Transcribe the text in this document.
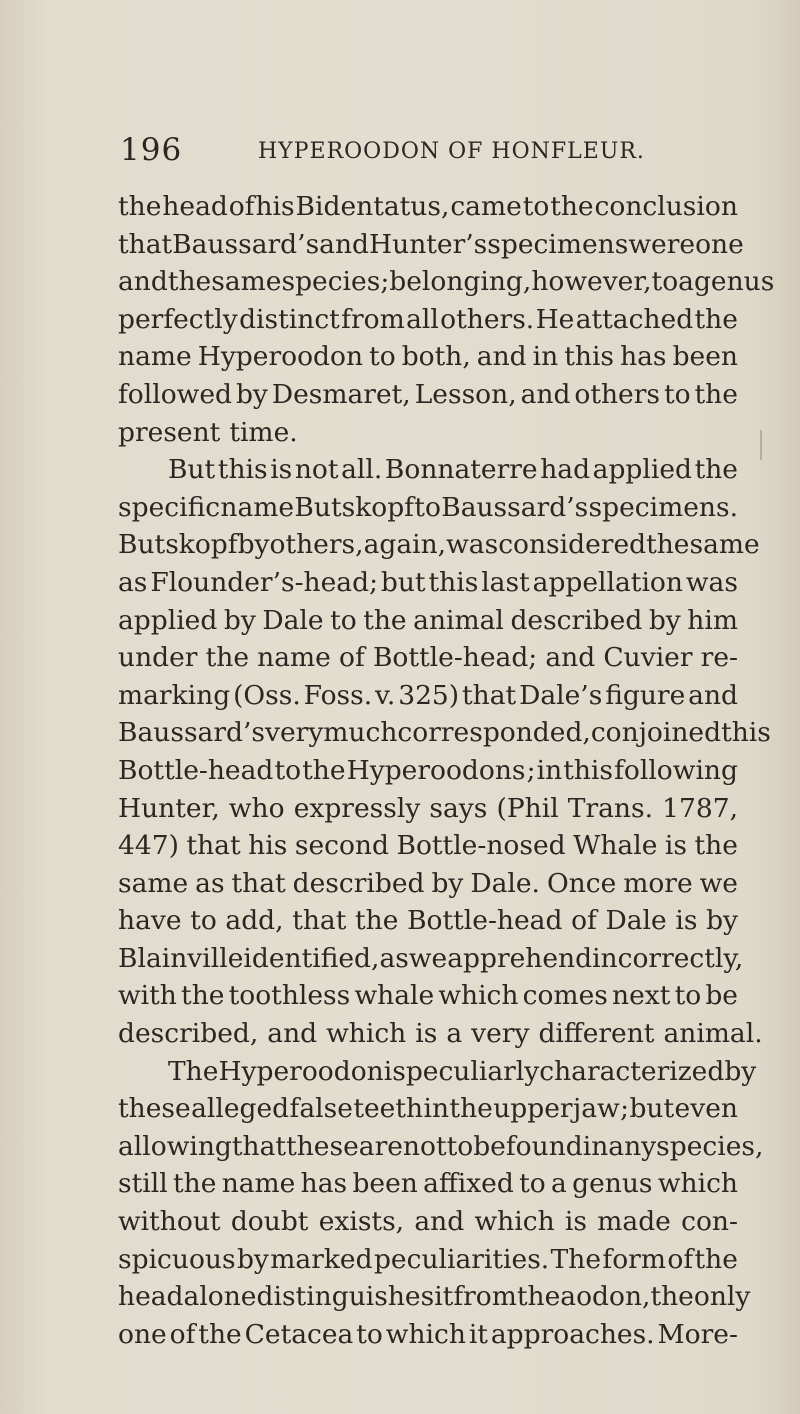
196	HYPEROODON OF HONFLEUR.
the head of his Bidentatus, came to the conclusion
that Baussard’s and Hunter’s specimens were one
and the same species ; belonging, however, to a genus
perfectly distinct from all others. He attached the
name Hyperoodon to both, and in this has been
followed by Desmaret, Lesson, and others to the
present time.
But this is not all. Bonnaterre had applied the
specific name Butskopf to Baussard’s specimens.
Butskopf by others, again, was considered the same
as Flounder’s-head; but this last appellation was
applied by Dale to the animal described by him
under the name of Bottle-head; and Cuvier re-
marking (Oss. Foss. v. 325) that Dale’s figure and
Baussard’s very much corresponded, conjoined this
Bottle-head to the Hyperoodons ; in this following
Hunter, who expressly says (Phil Trans. 1787,
447) that his second Bottle-nosed Whale is the
same as that described by Dale. Once more we
have to add, that the Bottle-head of Dale is by
Blainville identified, as we apprehend incorrectly,
with the toothless whale which comes next to be
described, and which is a very different animal.
The Hyperoodon is peculiarly characterized by
these alleged false teeth in the upper jaw ; but even
allowing that these are not to be found in any species,
still the name has been affixed to a genus which
without doubt exists, and which is made con-
spicuous by marked peculiarities. The form of the
head alone distinguishes it from the aodon, the only
one of the Cetacea to which it approaches. More-
